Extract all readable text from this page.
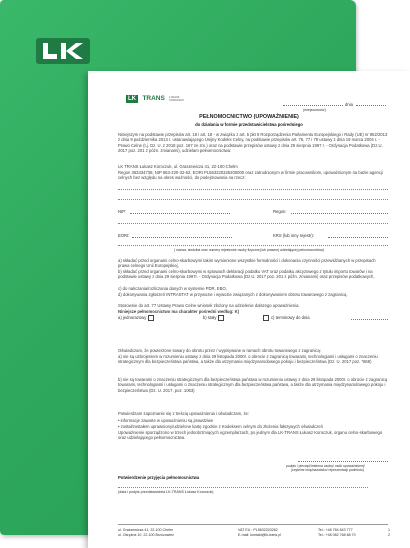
LK $^{TRANS}$ ŁUKASZ KOROCZUK
dnia
(miejscowość)
PEŁNOMOCNICTWO (UPOWAŻNIENIE)
do działania w formie przedstawicielstwa pośredniego
Niniejszym na podstawie przepisów art. 18 i art. 18 - w związku z art. 5 pkt 6 Rozporządzenia Parlamentu Europejskiego i Rady (UE) nr 952/2013 z dnia 9 października 2013 r. ustanawiającego Unijny Kodeks Celny, na podstawie przepisów art. 76, 77 i 79 ustawy z dnia 19 marca 2004 r. - Prawo Celne (t.j. Dz. U. z 2018 poz. 167 ze zm.) oraz na podstawie przepisów ustawy z dnia 29 sierpnia 1997 r. - Ordynacja Podatkowa (Dz.U. 2017 poz. 201 z późn. zmianami), udzielam pełnomocnictwa:
LK TRANS Łukasz Koroczuk, ul. Graszewicza 41, 22-100 Chełm
Regon 363334738, NIP 563-220-32-62, EORI PL563220326200000 oraz zatrudnionym w firmie pracownikom, upoważnionym na bazie agencji celnych bez względu na okres ważności, do podejmowania na rzecz:
NIP:	Regon:
EORI:	KRS (lub inny rejestr):
( nazwa, siedziba oraz numery rejestrowe osoby fizycznej lub prawnej udzielającej pełnomocnictwa)
a) składać przed organami celno-skarbowymi takim wymienione wszystkie formalności i dokonania czynności przewidzianych w przepisach prawa celnego Unii Europejskiej,
b) składać przed organami celno-skarbowymi w sprawach deklaracji podatku VAT oraz podatku akcyzowego z tytułu importu towarów i na podstawie ustawy z dnia 29 sierpnia 1997r. - Ordynacja Podatkowa (Dz.U. 2017 poz. 201 z późn. zmianami) oraz przepisów podatkowych,
c) do naliczania/rozliczania danych w systemie PDR, EBO,
d) dokonywania zgłoszeń INTRASTAT w przywozie i wywozie związanych z dokonywaniem obrotu towarowego z zagranicą.
Stosownie do art. 77 Ustawy Prawo Celne wniosek złożony na udzielenie dalszego upoważnienia.
Niniejsze pełnomocnictwo ma charakter pośredni według: K)
a) jednorazowy	b) stały	c) terminowy do dnia
Oświadczam, że powierzone towary do obrotu przez / wypisywane w ramach obrotu towarowego z zagranicą:
a) nie są uzbrojeniem w rozumieniu ustawy z dnia 29 listopada 2000r. o obrocie z zagranicą towarami, technologiami i usługami o znaczeniu strategicznym dla bezpieczeństwa państwa, a także dla utrzymania międzynarodowego pokoju i bezpieczeństwa (Dz. U. 2017 poz. *868)
b) nie są towarami o znaczeniu strategicznym dla bezpieczeństwa państwa w rozumieniu ustawy z dnia 29 listopada 2000r. o obrocie z zagranicą towarami, technologiami i usługami o znaczeniu strategicznym dla bezpieczeństwa państwa, a także dla utrzymania międzynarodowego pokoju i bezpieczeństwa (Dz. U. 2017, poz. 1063)
Potwierdzam zapoznanie się z treścią upoważnienia i oświadczam, że:
• informacje zawarte w upoważnieniu są prawdziwe
• został/zostałem uprawniony/udzielone kartę zgodnie z Kodeksem celnym do złożenia fałszywych oświadczeń
Upoważnienie sporządzono w trzech jednobrzmiących egzemplarzach, po jednym dla LK-TRANS Łukasz Koroczuk, organu celno-skarbowego oraz udzielającego pełnomocnictwa.
podpis i pieczęć/imienna osoby/ osób upoważnionej/
(czytelne imię/nazwisko/ reprezentacji podmiotu)
Potwierdzenie przyjęcia pełnomocnictwa
(data i podpis przedstawiciela LK-TRANS Łukasz Koroczuk)
ul. Graszewicza 41, 22-100 Chełm
ul. Okrężna 10, 22-100 Brzozowiec
VAT EU : PL5632203262
E-mail: kontakt@lk-trans.pl
Tel.: +48 784 843 777
Tel.: +48 082 768 88 70
1
2
